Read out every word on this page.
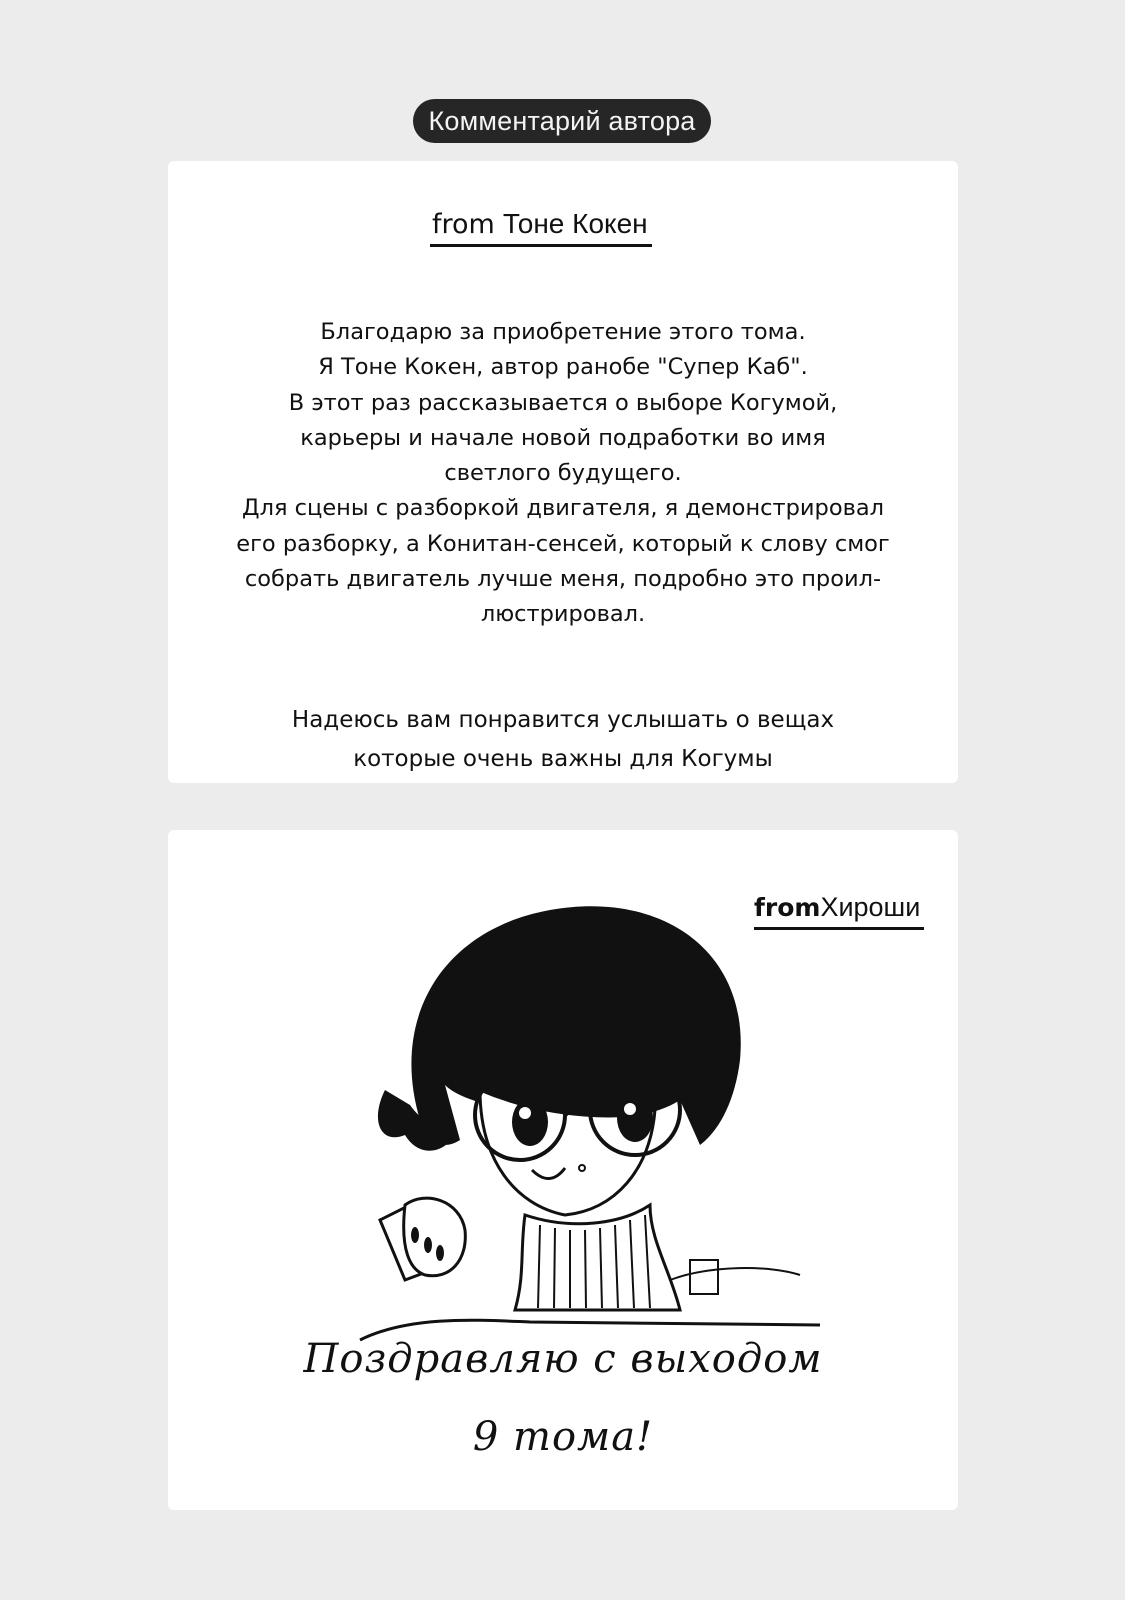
Комментарий автора
from Тоне Кокен
Благодарю за приобретение этого тома.
Я Тоне Кокен, автор ранобе "Супер Каб".
В этот раз рассказывается о выборе Когумой,
карьеры и начале новой подработки во имя
светлого будущего.
Для сцены с разборкой двигателя, я демонстрировал
его разборку, а Конитан-сенсей, который к слову смог
собрать двигатель лучше меня, подробно это проил-
люстрировал.
Надеюсь вам понравится услышать о вещах
которые очень важны для Когумы
from Хироши
Поздравляю с выходом
9 тома!
